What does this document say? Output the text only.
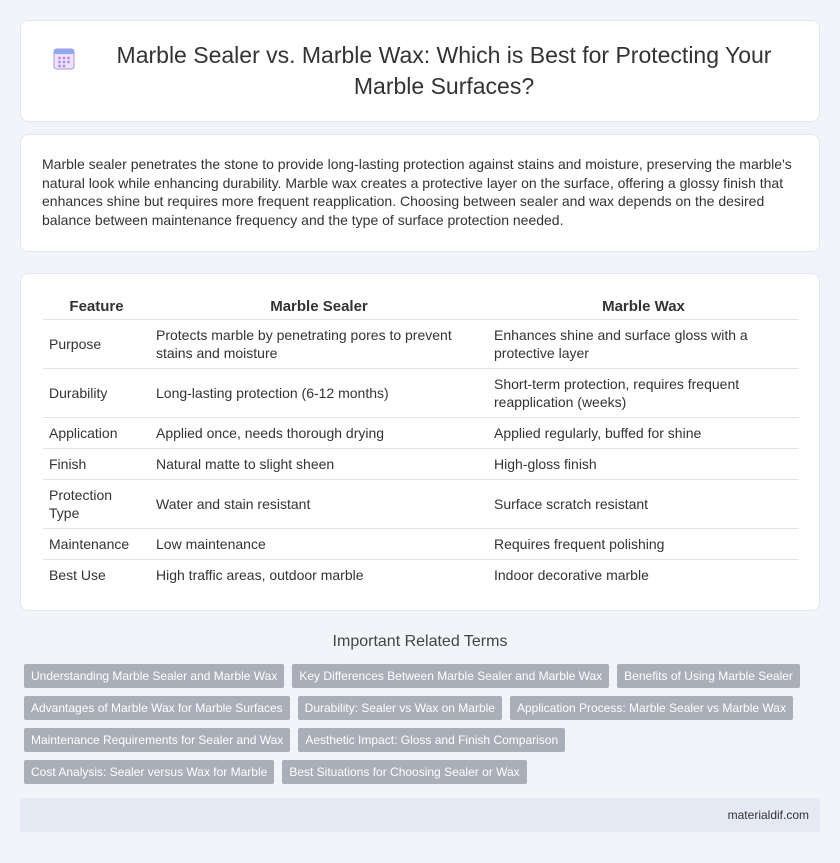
Marble Sealer vs. Marble Wax: Which is Best for Protecting Your Marble Surfaces?

Marble sealer penetrates the stone to provide long-lasting protection against stains and moisture, preserving the marble's natural look while enhancing durability. Marble wax creates a protective layer on the surface, offering a glossy finish that enhances shine but requires more frequent reapplication. Choosing between sealer and wax depends on the desired balance between maintenance frequency and the type of surface protection needed.

Feature	Marble Sealer	Marble Wax
Purpose	Protects marble by penetrating pores to prevent stains and moisture	Enhances shine and surface gloss with a protective layer
Durability	Long-lasting protection (6-12 months)	Short-term protection, requires frequent reapplication (weeks)
Application	Applied once, needs thorough drying	Applied regularly, buffed for shine
Finish	Natural matte to slight sheen	High-gloss finish
Protection Type	Water and stain resistant	Surface scratch resistant
Maintenance	Low maintenance	Requires frequent polishing
Best Use	High traffic areas, outdoor marble	Indoor decorative marble
Important Related Terms
Understanding Marble Sealer and Marble Wax	Key Differences Between Marble Sealer and Marble Wax	Benefits of Using Marble Sealer
Advantages of Marble Wax for Marble Surfaces	Durability: Sealer vs Wax on Marble	Application Process: Marble Sealer vs Marble Wax
Maintenance Requirements for Sealer and Wax	Aesthetic Impact: Gloss and Finish Comparison
Cost Analysis: Sealer versus Wax for Marble	Best Situations for Choosing Sealer or Wax
materialdif.com
